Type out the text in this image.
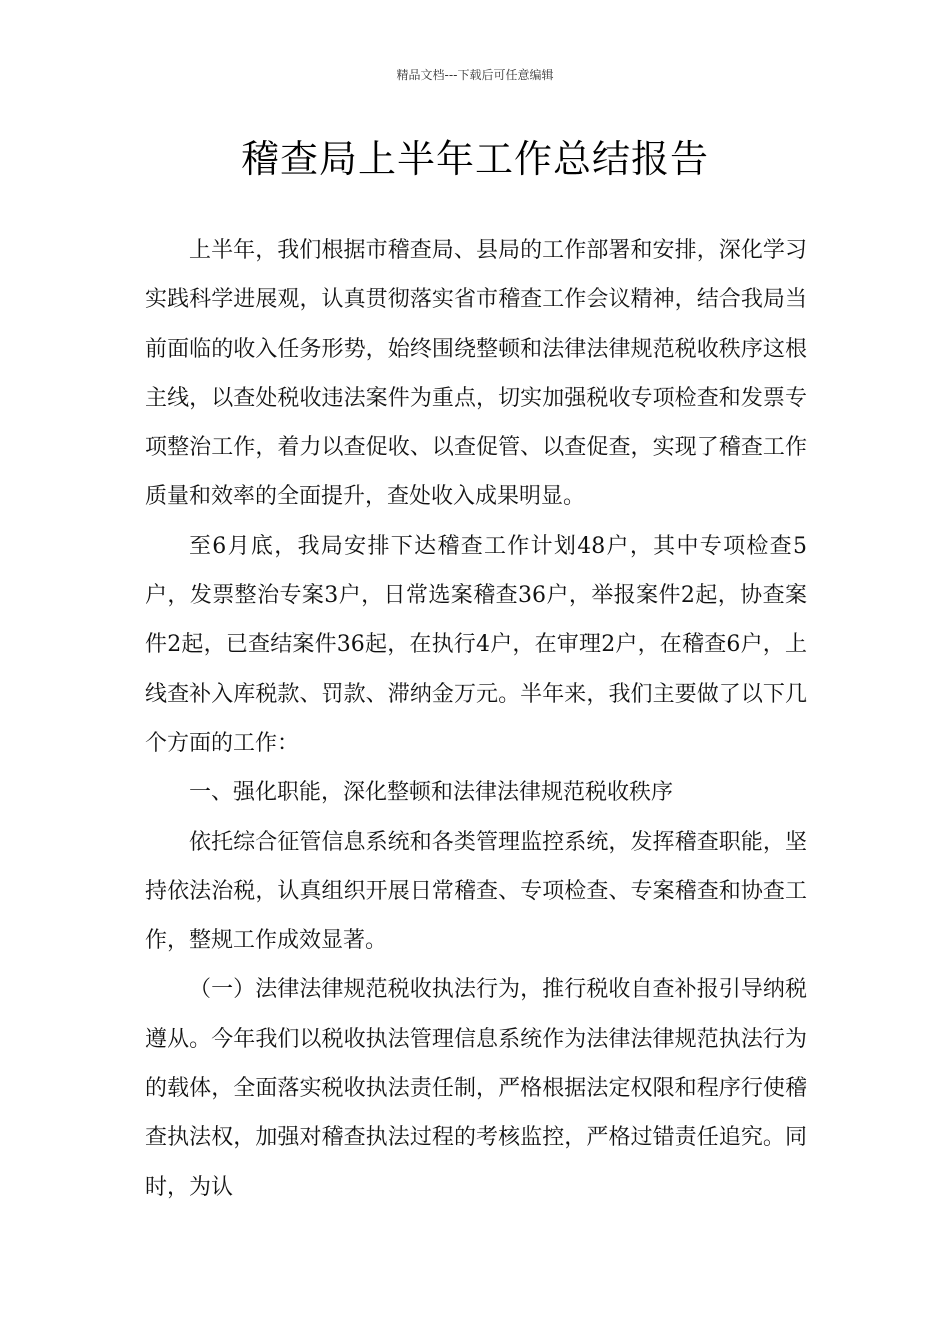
精品文档---下载后可任意编辑
稽查局上半年工作总结报告

上半年，我们根据市稽查局、县局的工作部署和安排，深化学习实践科学进展观，认真贯彻落实省市稽查工作会议精神，结合我局当前面临的收入任务形势，始终围绕整顿和法律法律规范税收秩序这根主线，以查处税收违法案件为重点，切实加强税收专项检查和发票专项整治工作，着力以查促收、以查促管、以查促查，实现了稽查工作质量和效率的全面提升，查处收入成果明显。

至6月底，我局安排下达稽查工作计划48户，其中专项检查5户，发票整治专案3户，日常选案稽查36户，举报案件2起，协查案件2起，已查结案件36起，在执行4户，在审理2户，在稽查6户，上线查补入库税款、罚款、滞纳金万元。半年来，我们主要做了以下几个方面的工作：

一、强化职能，深化整顿和法律法律规范税收秩序

依托综合征管信息系统和各类管理监控系统，发挥稽查职能，坚持依法治税，认真组织开展日常稽查、专项检查、专案稽查和协查工作，整规工作成效显著。

（一）法律法律规范税收执法行为，推行税收自查补报引导纳税遵从。今年我们以税收执法管理信息系统作为法律法律规范执法行为的载体，全面落实税收执法责任制，严格根据法定权限和程序行使稽查执法权，加强对稽查执法过程的考核监控，严格过错责任追究。同时，为认
